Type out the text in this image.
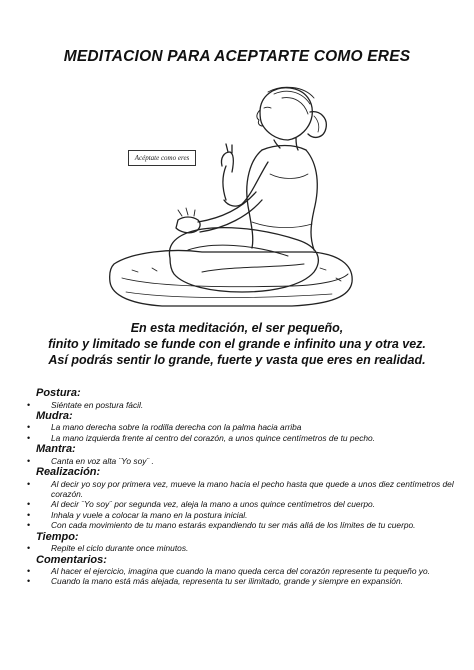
MEDITACION PARA ACEPTARTE COMO ERES
Acéptate como eres
En esta meditación, el ser pequeño,
finito y limitado se funde con el grande e infinito una y otra vez.
Así podrás sentir lo grande, fuerte y vasta que eres en realidad.
Postura:
• Siéntate en postura fácil.
Mudra:
• La mano derecha sobre la rodilla derecha con la palma hacia arriba
• La mano izquierda frente al centro del corazón, a unos quince centímetros de tu pecho.
Mantra:
• Canta en voz alta ¨Yo soy¨ .
Realización:
• Al decir yo soy por primera vez, mueve la mano hacia el pecho hasta que quede a unos diez centímetros del corazón.
• Al decir ¨Yo soy¨ por segunda vez, aleja la mano a unos quince centímetros del cuerpo.
• Inhala y vuele a colocar la mano en la postura inicial.
• Con cada movimiento de tu mano estarás expandiendo tu ser más allá de los límites de tu cuerpo.
Tiempo:
• Repite el ciclo durante once minutos.
Comentarios:
• Al hacer el ejercicio, imagina que cuando la mano queda cerca del corazón represente tu pequeño yo.
• Cuando la mano está más alejada, representa tu ser ilimitado, grande y siempre en expansión.
